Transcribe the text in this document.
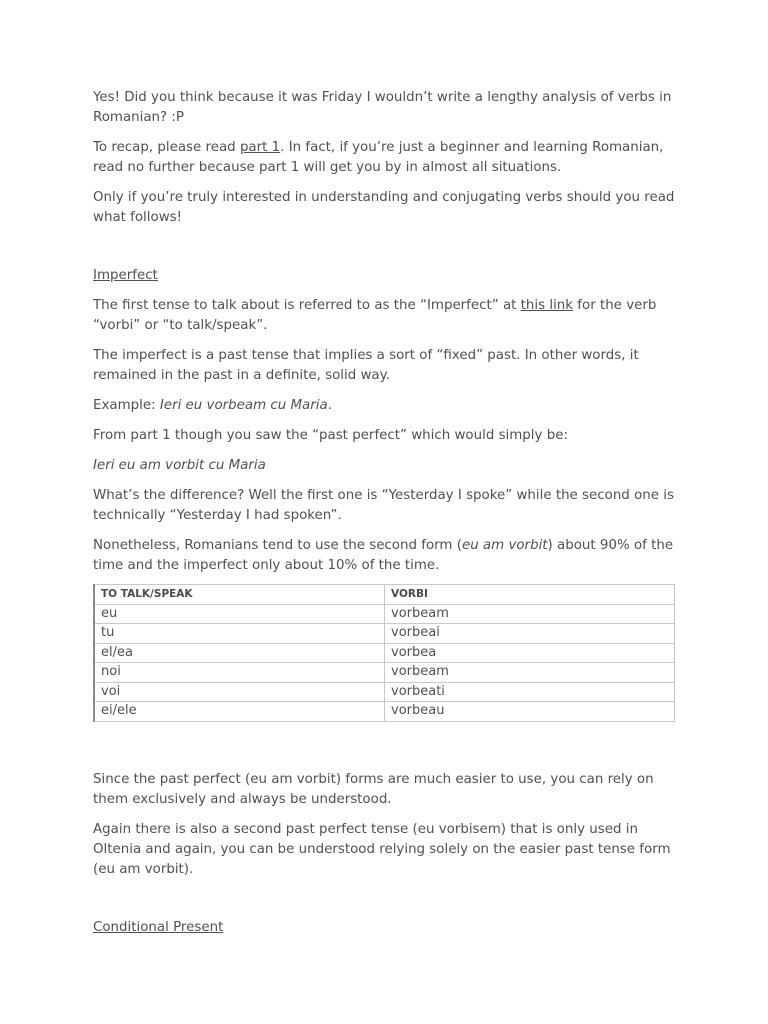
Yes! Did you think because it was Friday I wouldn’t write a lengthy analysis of verbs in Romanian? :P

To recap, please read part 1. In fact, if you’re just a beginner and learning Romanian, read no further because part 1 will get you by in almost all situations.

Only if you’re truly interested in understanding and conjugating verbs should you read what follows!

Imperfect

The first tense to talk about is referred to as the “Imperfect” at this link for the verb “vorbi” or “to talk/speak”.

The imperfect is a past tense that implies a sort of “fixed” past. In other words, it remained in the past in a definite, solid way.

Example: Ieri eu vorbeam cu Maria.

From part 1 though you saw the “past perfect” which would simply be:

Ieri eu am vorbit cu Maria

What’s the difference? Well the first one is “Yesterday I spoke” while the second one is technically “Yesterday I had spoken”.

Nonetheless, Romanians tend to use the second form (eu am vorbit) about 90% of the time and the imperfect only about 10% of the time.

TO TALK/SPEAK	VORBI
eu	vorbeam
tu	vorbeai
el/ea	vorbea
noi	vorbeam
voi	vorbeati
ei/ele	vorbeau

Since the past perfect (eu am vorbit) forms are much easier to use, you can rely on them exclusively and always be understood.

Again there is also a second past perfect tense (eu vorbisem) that is only used in Oltenia and again, you can be understood relying solely on the easier past tense form (eu am vorbit).

Conditional Present
